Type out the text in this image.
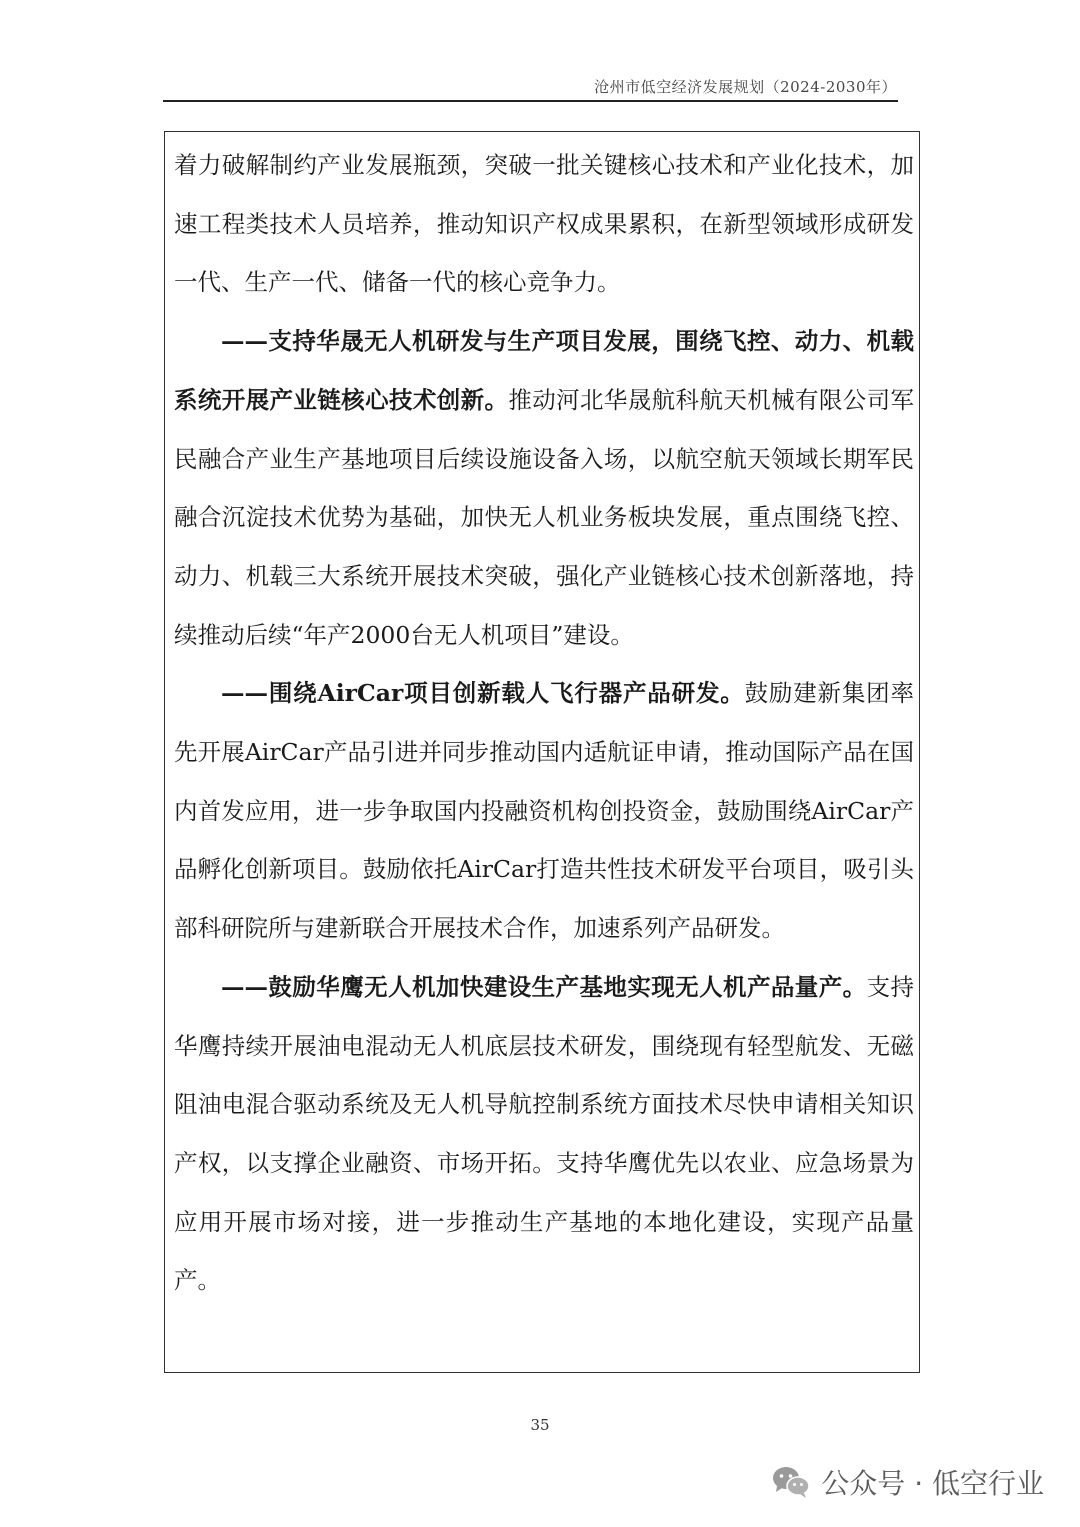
沧州市低空经济发展规划（2024-2030年）

着力破解制约产业发展瓶颈，突破一批关键核心技术和产业化技术，加速工程类技术人员培养，推动知识产权成果累积，在新型领域形成研发一代、生产一代、储备一代的核心竞争力。

——支持华晟无人机研发与生产项目发展，围绕飞控、动力、机载系统开展产业链核心技术创新。推动河北华晟航科航天机械有限公司军民融合产业生产基地项目后续设施设备入场，以航空航天领域长期军民融合沉淀技术优势为基础，加快无人机业务板块发展，重点围绕飞控、动力、机载三大系统开展技术突破，强化产业链核心技术创新落地，持续推动后续“年产2000台无人机项目”建设。

——围绕AirCar项目创新载人飞行器产品研发。鼓励建新集团率先开展AirCar产品引进并同步推动国内适航证申请，推动国际产品在国内首发应用，进一步争取国内投融资机构创投资金，鼓励围绕AirCar产品孵化创新项目。鼓励依托AirCar打造共性技术研发平台项目，吸引头部科研院所与建新联合开展技术合作，加速系列产品研发。

——鼓励华鹰无人机加快建设生产基地实现无人机产品量产。支持华鹰持续开展油电混动无人机底层技术研发，围绕现有轻型航发、无磁阻油电混合驱动系统及无人机导航控制系统方面技术尽快申请相关知识产权，以支撑企业融资、市场开拓。支持华鹰优先以农业、应急场景为应用开展市场对接，进一步推动生产基地的本地化建设，实现产品量产。

35
公众号 · 低空行业
